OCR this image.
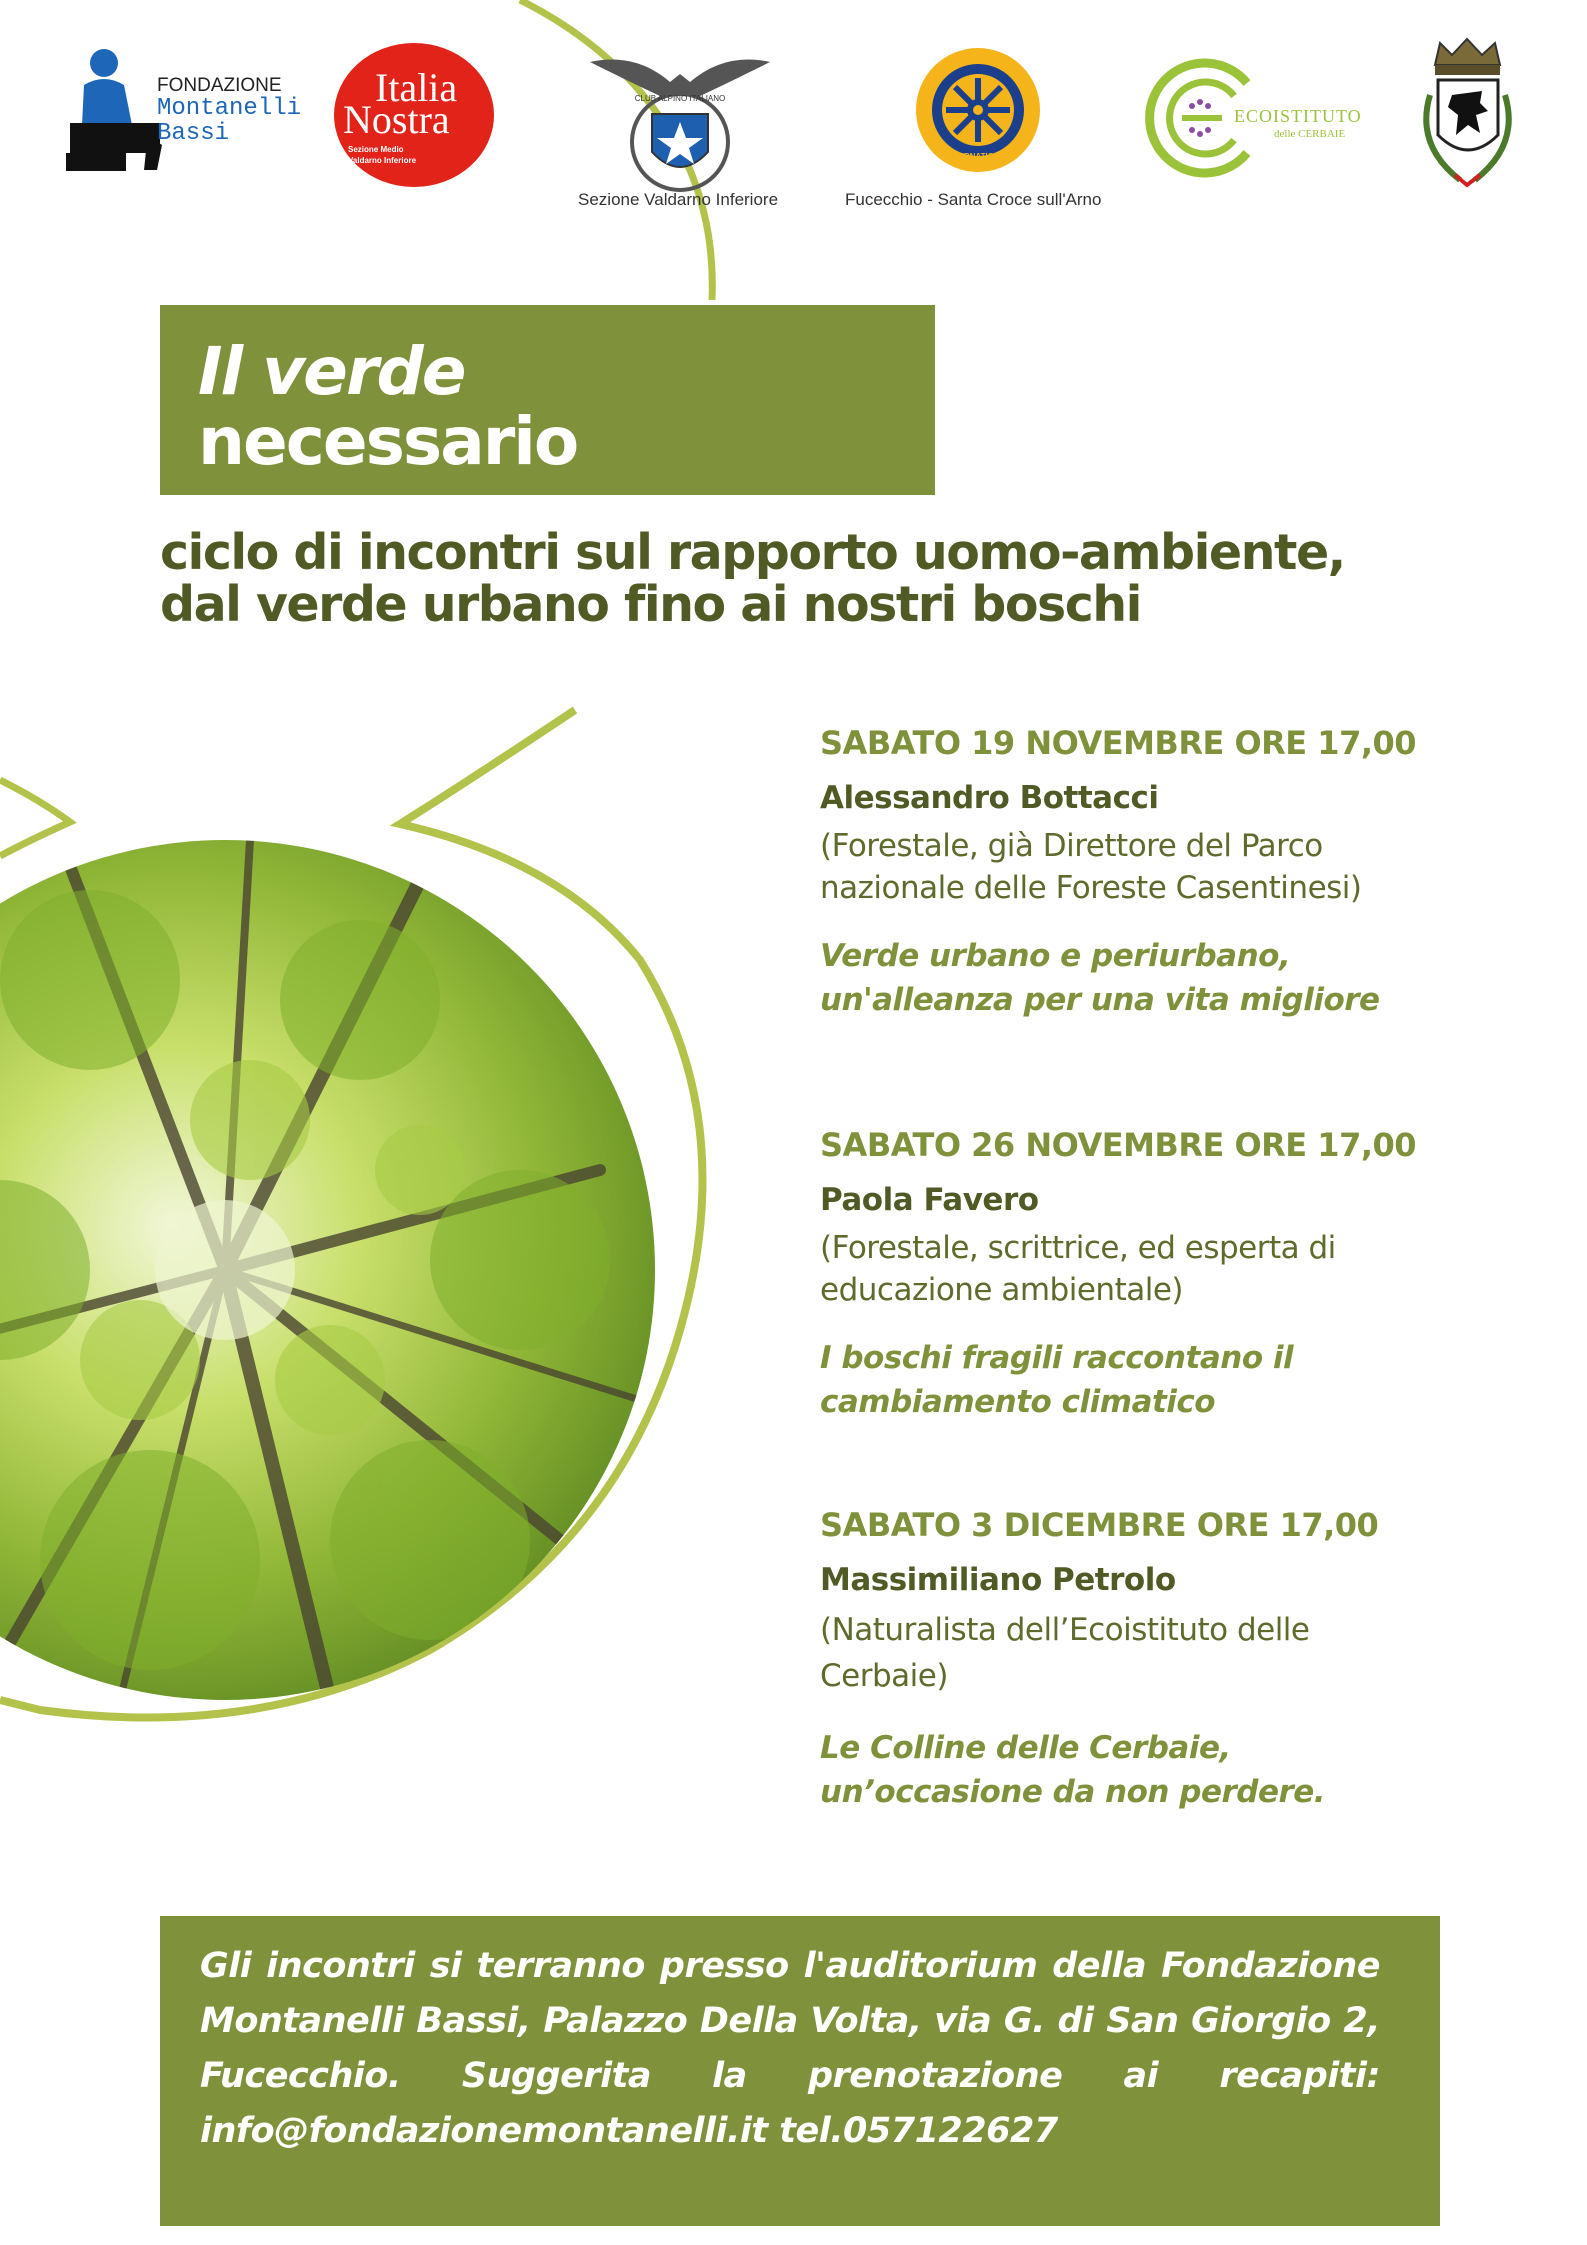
FONDAZIONE
Montanelli
Bassi
Italia
Nostra
Sezione Medio Valdarno Inferiore
CLUB ALPINO ITALIANO
Sezione Valdarno Inferiore
ROTARY
INTERNATIONAL
Fucecchio - Santa Croce sull'Arno
ECOISTITUTO
delle CERBAIE
Il verde
necessario
ciclo di incontri sul rapporto uomo-ambiente,
dal verde urbano fino ai nostri boschi
SABATO 19 NOVEMBRE ORE 17,00
Alessandro Bottacci
(Forestale, già Direttore del Parco
nazionale delle Foreste Casentinesi)
Verde urbano e periurbano,
un'alleanza per una vita migliore
SABATO 26 NOVEMBRE ORE 17,00
Paola Favero
(Forestale, scrittrice, ed esperta di
educazione ambientale)
I boschi fragili raccontano il
cambiamento climatico
SABATO 3 DICEMBRE ORE 17,00
Massimiliano Petrolo
(Naturalista dell’Ecoistituto delle
Cerbaie)
Le Colline delle Cerbaie,
un’occasione da non perdere.
Gli incontri si terranno presso l'auditorium della Fondazione
Montanelli Bassi, Palazzo Della Volta, via G. di San Giorgio 2,
Fucecchio. Suggerita la prenotazione ai recapiti:
info@fondazionemontanelli.it tel.057122627
